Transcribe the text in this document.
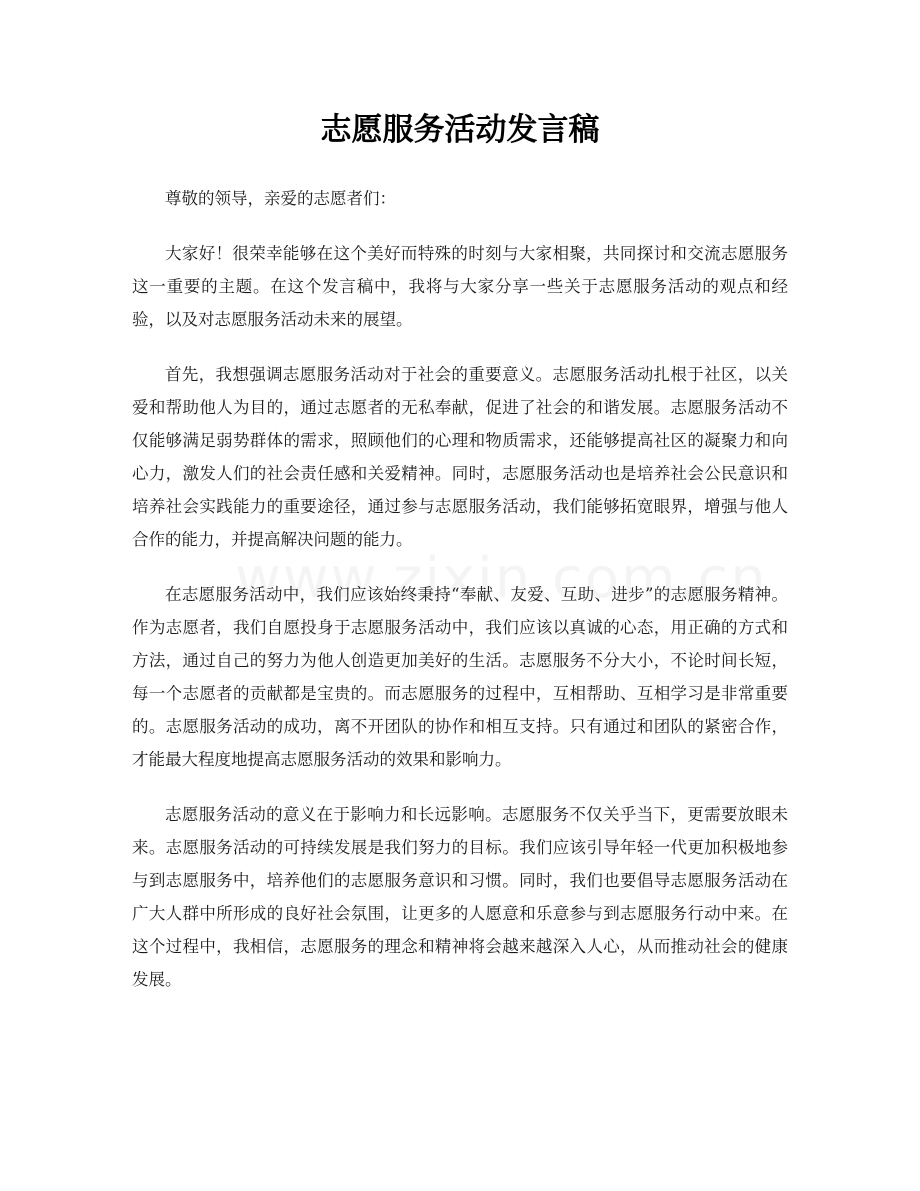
志愿服务活动发言稿

尊敬的领导，亲爱的志愿者们：

大家好！很荣幸能够在这个美好而特殊的时刻与大家相聚，共同探讨和交流志愿服务这一重要的主题。在这个发言稿中，我将与大家分享一些关于志愿服务活动的观点和经验，以及对志愿服务活动未来的展望。

首先，我想强调志愿服务活动对于社会的重要意义。志愿服务活动扎根于社区，以关爱和帮助他人为目的，通过志愿者的无私奉献，促进了社会的和谐发展。志愿服务活动不仅能够满足弱势群体的需求，照顾他们的心理和物质需求，还能够提高社区的凝聚力和向心力，激发人们的社会责任感和关爱精神。同时，志愿服务活动也是培养社会公民意识和培养社会实践能力的重要途径，通过参与志愿服务活动，我们能够拓宽眼界，增强与他人合作的能力，并提高解决问题的能力。

在志愿服务活动中，我们应该始终秉持“奉献、友爱、互助、进步”的志愿服务精神。作为志愿者，我们自愿投身于志愿服务活动中，我们应该以真诚的心态，用正确的方式和方法，通过自己的努力为他人创造更加美好的生活。志愿服务不分大小，不论时间长短，每一个志愿者的贡献都是宝贵的。而志愿服务的过程中，互相帮助、互相学习是非常重要的。志愿服务活动的成功，离不开团队的协作和相互支持。只有通过和团队的紧密合作，才能最大程度地提高志愿服务活动的效果和影响力。

志愿服务活动的意义在于影响力和长远影响。志愿服务不仅关乎当下，更需要放眼未来。志愿服务活动的可持续发展是我们努力的目标。我们应该引导年轻一代更加积极地参与到志愿服务中，培养他们的志愿服务意识和习惯。同时，我们也要倡导志愿服务活动在广大人群中所形成的良好社会氛围，让更多的人愿意和乐意参与到志愿服务行动中来。在这个过程中，我相信，志愿服务的理念和精神将会越来越深入人心，从而推动社会的健康发展。
